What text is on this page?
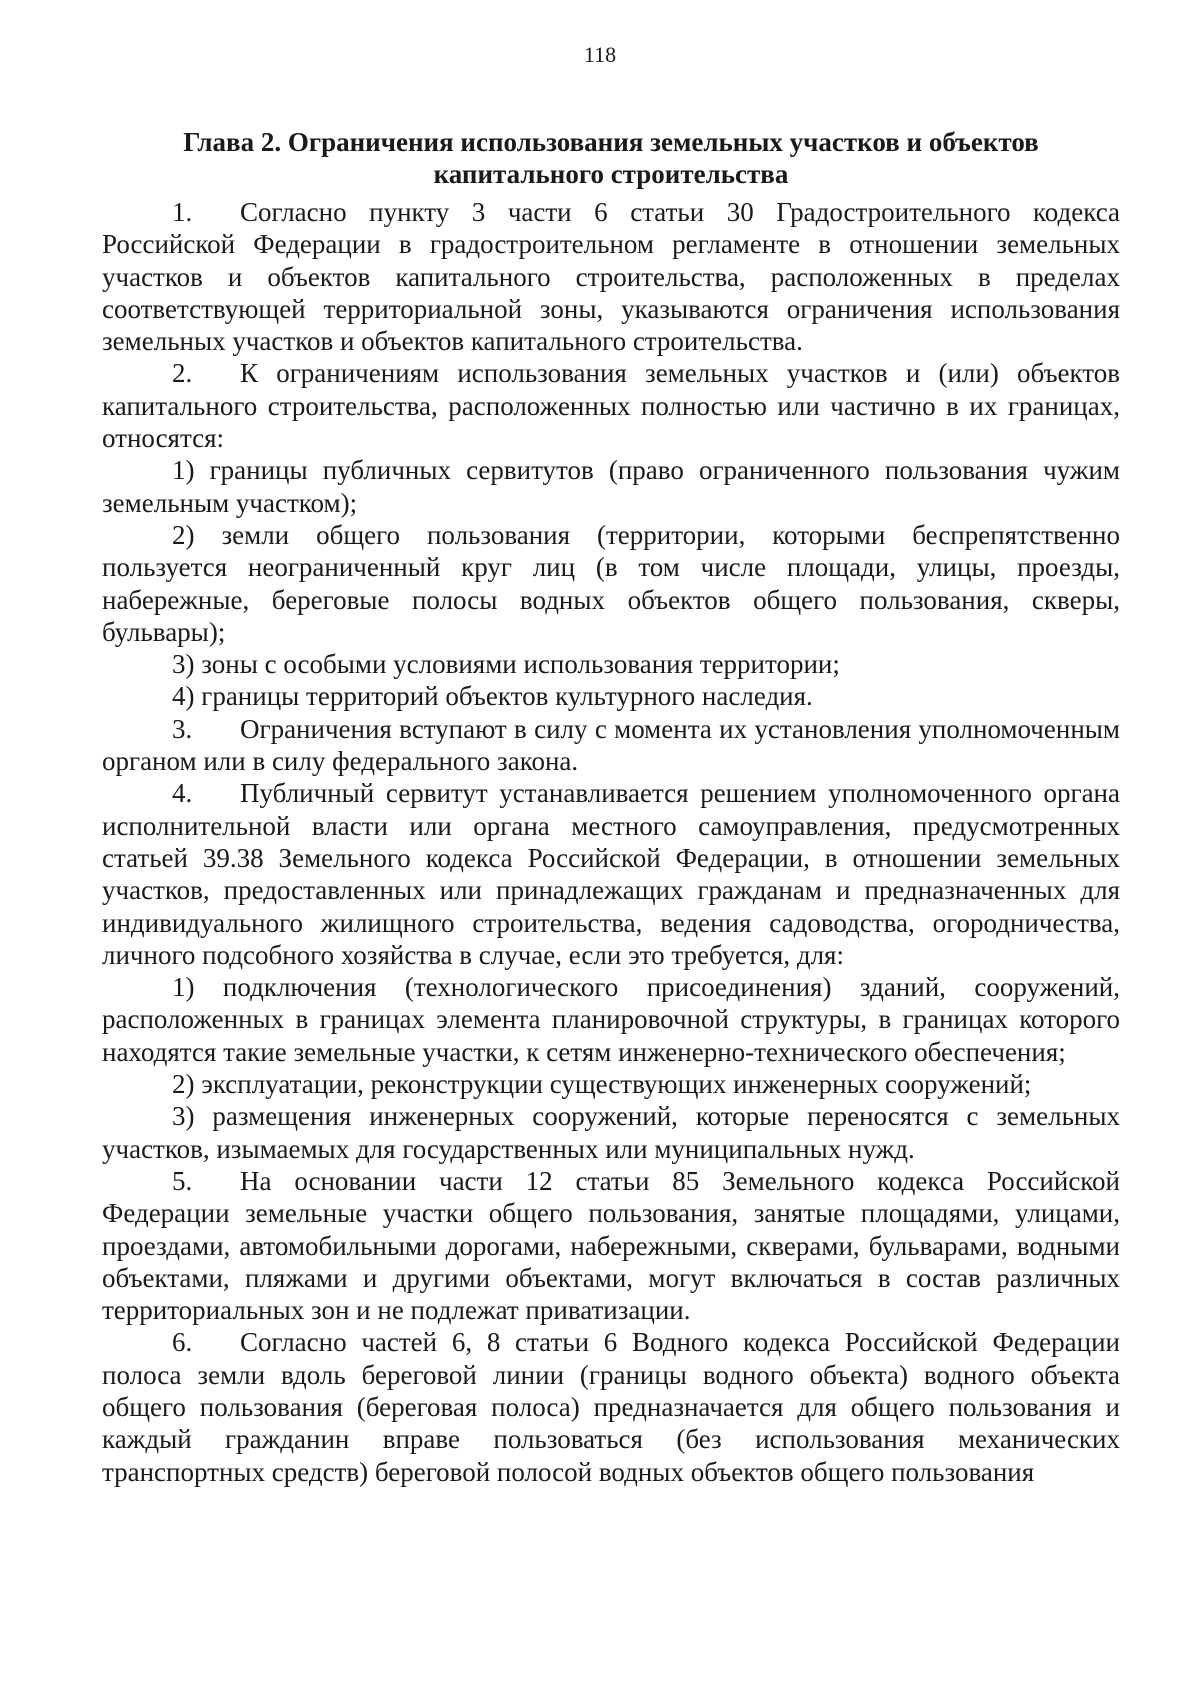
118
Глава 2. Ограничения использования земельных участков и объектов
капитального строительства

1. Согласно пункту 3 части 6 статьи 30 Градостроительного кодекса Российской Федерации в градостроительном регламенте в отношении земельных участков и объектов капитального строительства, расположенных в пределах соответствующей территориальной зоны, указываются ограничения использования земельных участков и объектов капитального строительства.

2. К ограничениям использования земельных участков и (или) объектов капитального строительства, расположенных полностью или частично в их границах, относятся:

1) границы публичных сервитутов (право ограниченного пользования чужим земельным участком);

2) земли общего пользования (территории, которыми беспрепятственно пользуется неограниченный круг лиц (в том числе площади, улицы, проезды, набережные, береговые полосы водных объектов общего пользования, скверы, бульвары);

3) зоны с особыми условиями использования территории;

4) границы территорий объектов культурного наследия.

3. Ограничения вступают в силу с момента их установления уполномоченным органом или в силу федерального закона.

4. Публичный сервитут устанавливается решением уполномоченного органа исполнительной власти или органа местного самоуправления, предусмотренных статьей 39.38 Земельного кодекса Российской Федерации, в отношении земельных участков, предоставленных или принадлежащих гражданам и предназначенных для индивидуального жилищного строительства, ведения садоводства, огородничества, личного подсобного хозяйства в случае, если это требуется, для:

1) подключения (технологического присоединения) зданий, сооружений, расположенных в границах элемента планировочной структуры, в границах которого находятся такие земельные участки, к сетям инженерно-технического обеспечения;

2) эксплуатации, реконструкции существующих инженерных сооружений;

3) размещения инженерных сооружений, которые переносятся с земельных участков, изымаемых для государственных или муниципальных нужд.

5. На основании части 12 статьи 85 Земельного кодекса Российской Федерации земельные участки общего пользования, занятые площадями, улицами, проездами, автомобильными дорогами, набережными, скверами, бульварами, водными объектами, пляжами и другими объектами, могут включаться в состав различных территориальных зон и не подлежат приватизации.

6. Согласно частей 6, 8 статьи 6 Водного кодекса Российской Федерации полоса земли вдоль береговой линии (границы водного объекта) водного объекта общего пользования (береговая полоса) предназначается для общего пользования и каждый гражданин вправе пользоваться (без использования механических транспортных средств) береговой полосой водных объектов общего пользования
